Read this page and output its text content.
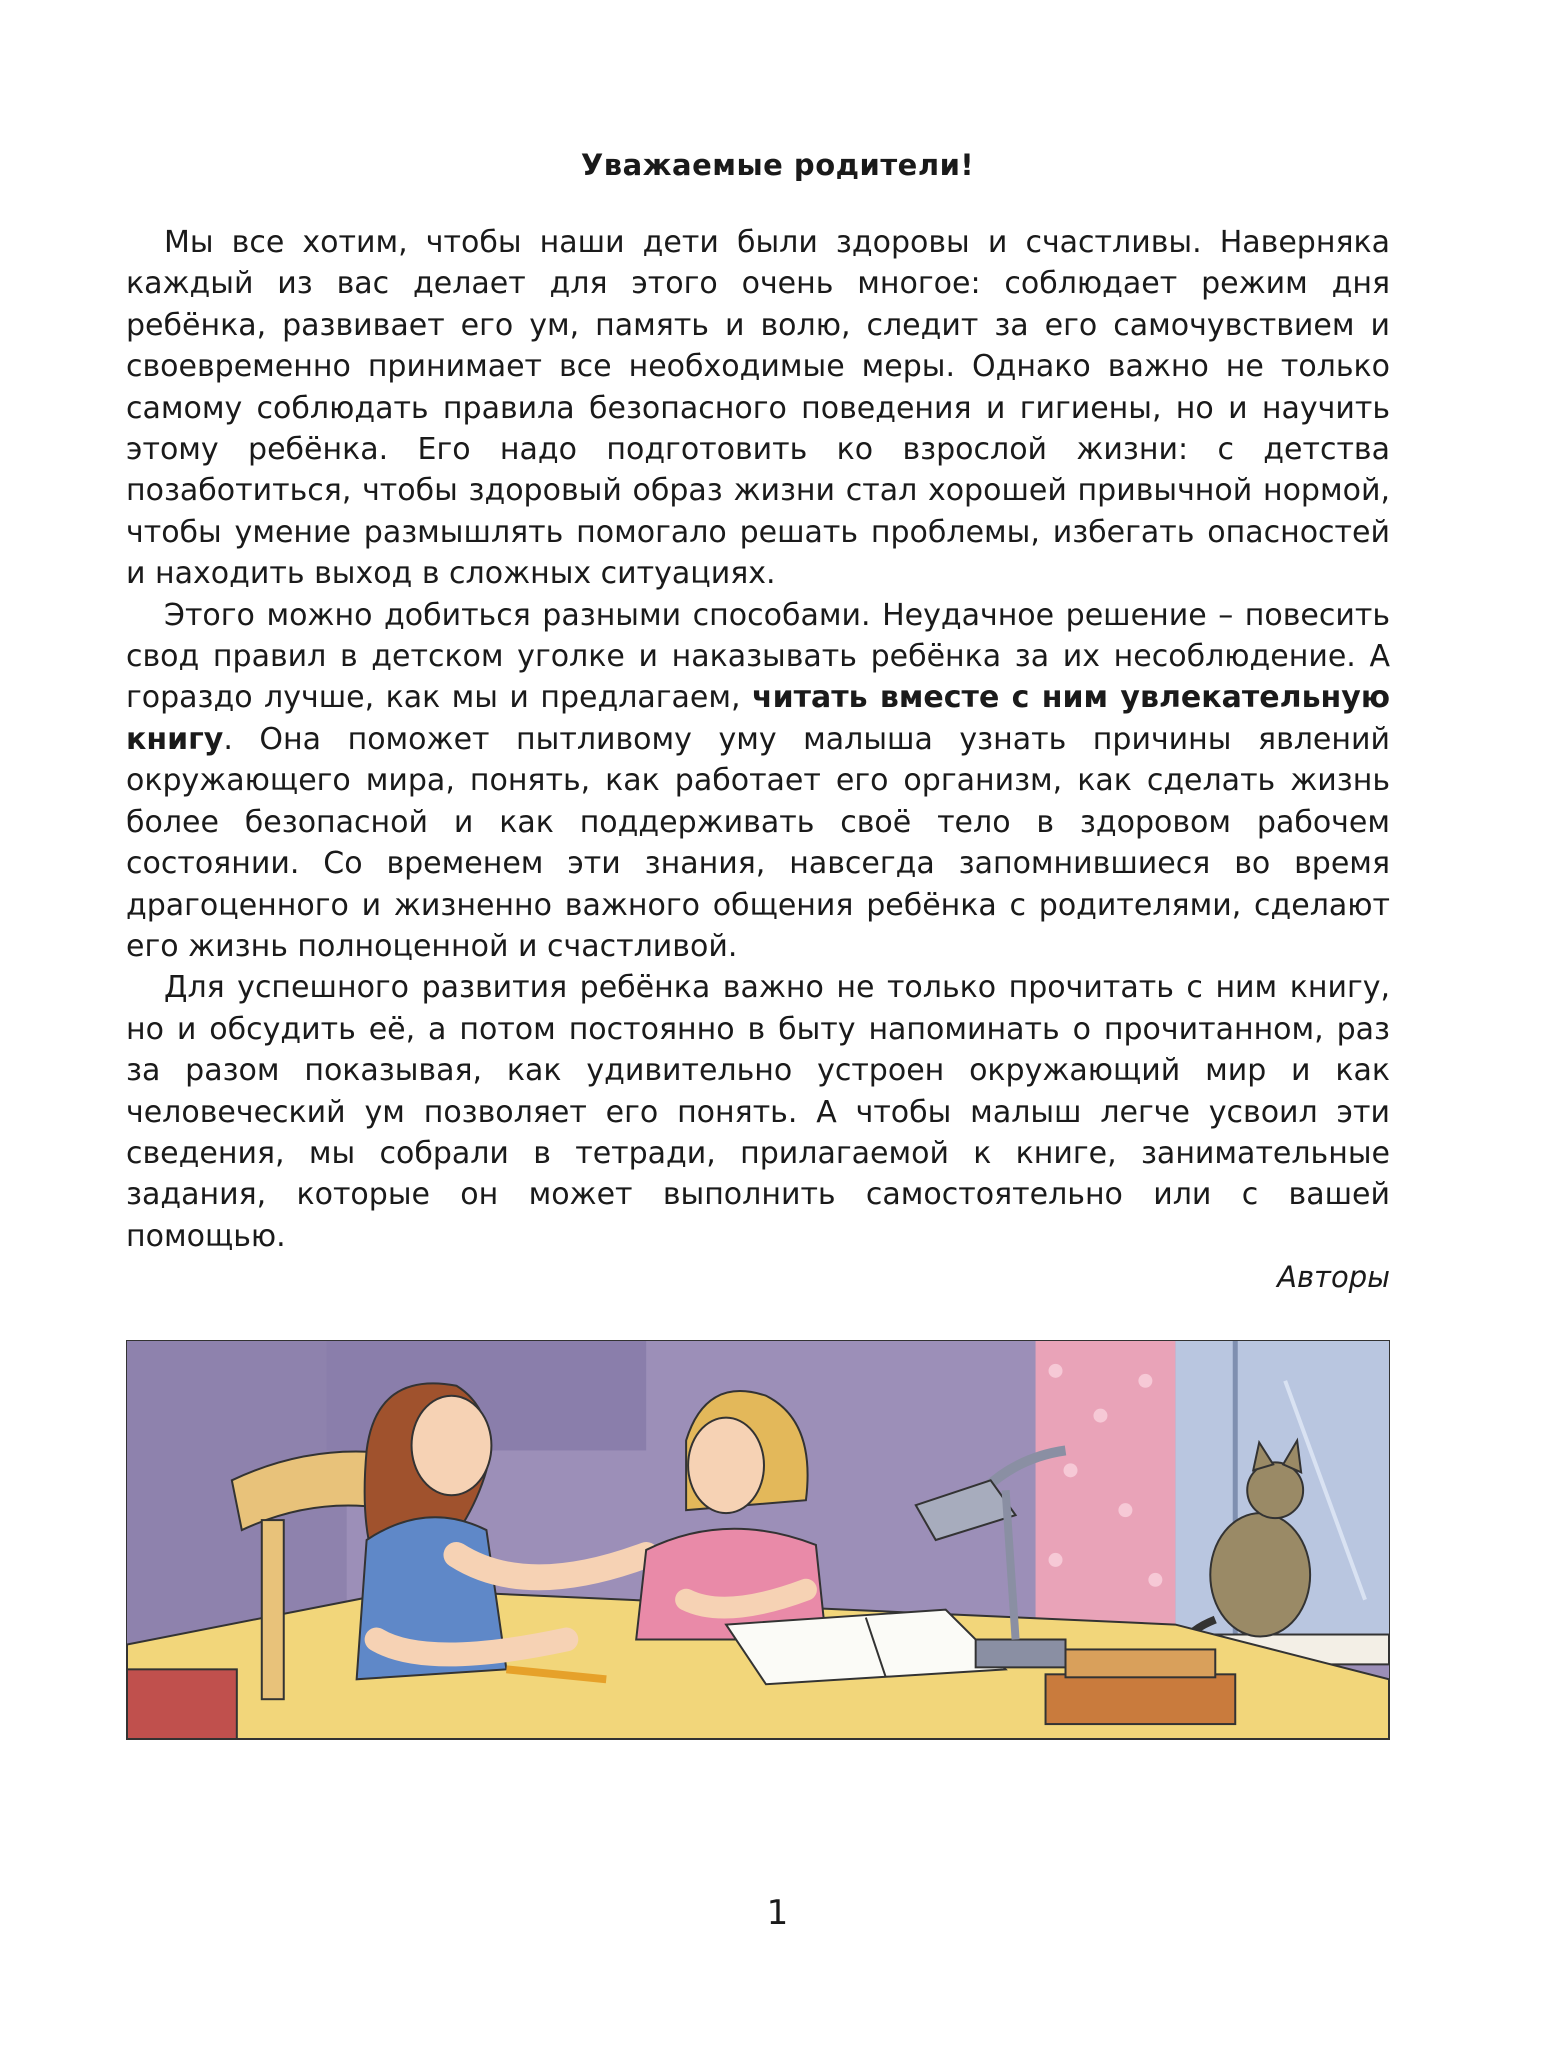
Уважаемые родители!

Мы все хотим, чтобы наши дети были здоровы и счастливы. Наверняка каждый из вас делает для этого очень многое: соблюдает режим дня ребёнка, развивает его ум, память и волю, следит за его самочувствием и своевременно принимает все необходимые меры. Однако важно не только самому соблюдать правила безопасного поведения и гигиены, но и научить этому ребёнка. Его надо подготовить ко взрослой жизни: с детства позаботиться, чтобы здоровый образ жизни стал хорошей привычной нормой, чтобы умение размышлять помогало решать проблемы, избегать опасностей и находить выход в сложных ситуациях.

Этого можно добиться разными способами. Неудачное решение – повесить свод правил в детском уголке и наказывать ребёнка за их несоблюдение. А гораздо лучше, как мы и предлагаем, читать вместе с ним увлекательную книгу. Она поможет пытливому уму малыша узнать причины явлений окружающего мира, понять, как работает его организм, как сделать жизнь более безопасной и как поддерживать своё тело в здоровом рабочем состоянии. Со временем эти знания, навсегда запомнившиеся во время драгоценного и жизненно важного общения ребёнка с родителями, сделают его жизнь полноценной и счастливой.

Для успешного развития ребёнка важно не только прочитать с ним книгу, но и обсудить её, а потом постоянно в быту напоминать о прочитанном, раз за разом показывая, как удивительно устроен окружающий мир и как человеческий ум позволяет его понять. А чтобы малыш легче усвоил эти сведения, мы собрали в тетради, прилагаемой к книге, занимательные задания, которые он может выполнить самостоятельно или с вашей помощью.

Авторы
1
